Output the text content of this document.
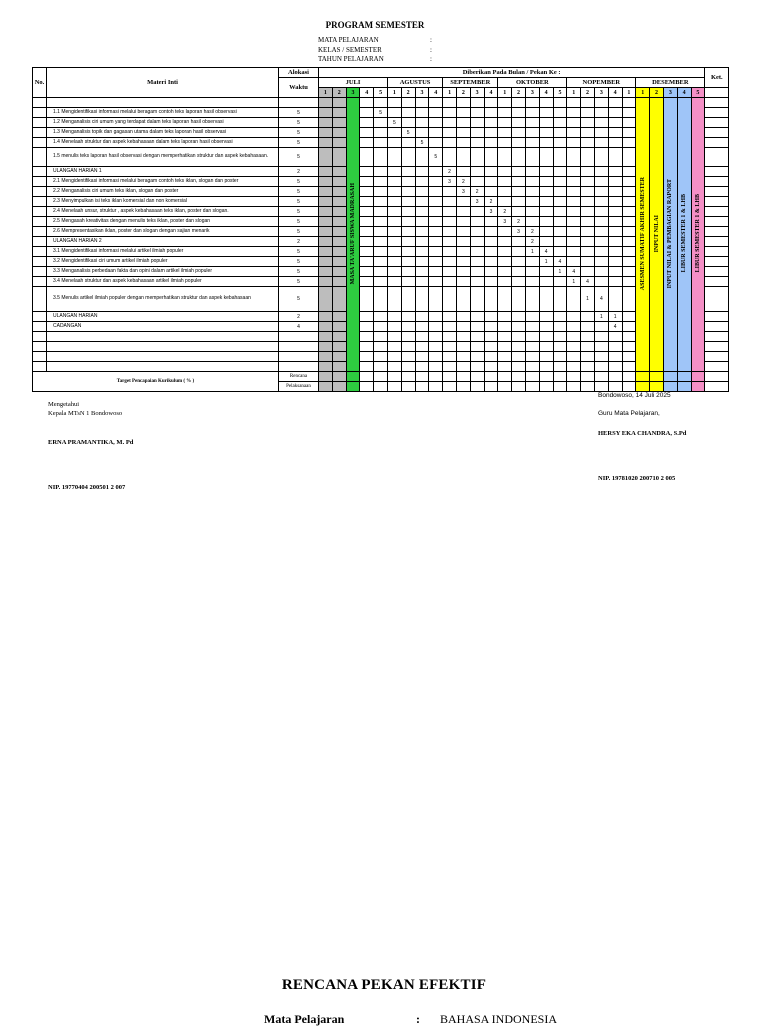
PROGRAM SEMESTER
MATA PELAJARAN	:
KELAS / SEMESTER	:
TAHUN PELAJARAN	:
No.	Materi Inti	Alokasi	Diberikan Pada Bulan / Pekan Ke :																												Ket.
		Waktu	JULI					AGUSTUS				SEPTEMBER				OKTOBER					NOPEMBER					DESEMBER					
			1	2	3	4	5	1	2	3	4	1	2	3	4	1	2	3	4	5	1	2	3	4	1	1	2	3	4	5	
					MASA TA'ARUF SISWA MADRASAH																					ASESMEN SUMATIF AKHIR SEMESTER	INPUT NILAI	INPUT NILAI & PEMBAGIAN RAPORT	LIBUR SEMESTER 1 & LHB	LIBUR SEMESTER 1 & LHB	
	1.1 Mengidentifikasi informasi melalui beragam contoh teks laporan hasil observasi	5					5																								
	1.2 Menganalisis ciri umum yang terdapat dalam teks laporan hasil observasi	5						5																							
	1.3 Menganalisis topik dan gagasan utama dalam teks laporan hasil observasi	5							5																						
	1.4 Menelaah struktur dan aspek kebahasaan dalam teks laporan hasil observasi	5								5																					
	1.5 menulis teks laporan hasil observasi dengan memperhatikan struktur dan aspek kebahasaan.	5									5																				
	ULANGAN HARIAN 1	2										2																			
	2.1 Mengidentifikasi informasi melalui beragam contoh teks iklan, slogan dan poster	5										3	2																		
	2.2 Menganalisis ciri umum teks iklan, slogan dan poster	5											3	2																	
	2.3 Menyimpulkan isi teks iklan komersial dan non komersial	5												3	2																
	2.4 Menelaah unsur, struktur , aspek kebahasaan teks iklan, poster dan slogan.	5													3	2															
	2.5 Mengasah kreativitas dengan menulis teks iklan, poster dan slogan	5														3	2														
	2.6 Mempresentasikan iklan, poster dan slogan dengan sajian menarik	5															3	2													
	ULANGAN HARIAN 2	2																2													
	3.1 Mengidentifikasi informasi melalui artikel ilmiah populer	5																1	4												
	3.2 Mengidentifikasi ciri umum artikel ilmiah populer	5																	1	4											
	3.3 Menganalisis perbedaan fakta dan opini dalam artikel ilmiah populer	5																		1	4										
	3.4 Menelaah struktur dan aspek kebahasaan artikel ilmiah populer	5																			1	4									
	3.5 Menulis artikel ilmiah populer dengan memperhatikan struktur dan aspek kebahasaan	5																				1	4								
	ULANGAN HARIAN	2																					1	1							
	CADANGAN	4																						4							

Target Pencapaian Kurikulum ( % )		Rencana																													
		Pelaksanaan																													
Mengetahui
Kepala MTsN 1 Bondowoso
ERNA PRAMANTIKA, M. Pd
NIP. 19770404 200501 2 007
Bondowoso, 14 Juli 2025
Guru Mata Pelajaran,
HERSY EKA CHANDRA, S.Pd
NIP. 19781020 200710 2 005
RENCANA PEKAN EFEKTIF
Mata Pelajaran	:	BAHASA INDONESIA
